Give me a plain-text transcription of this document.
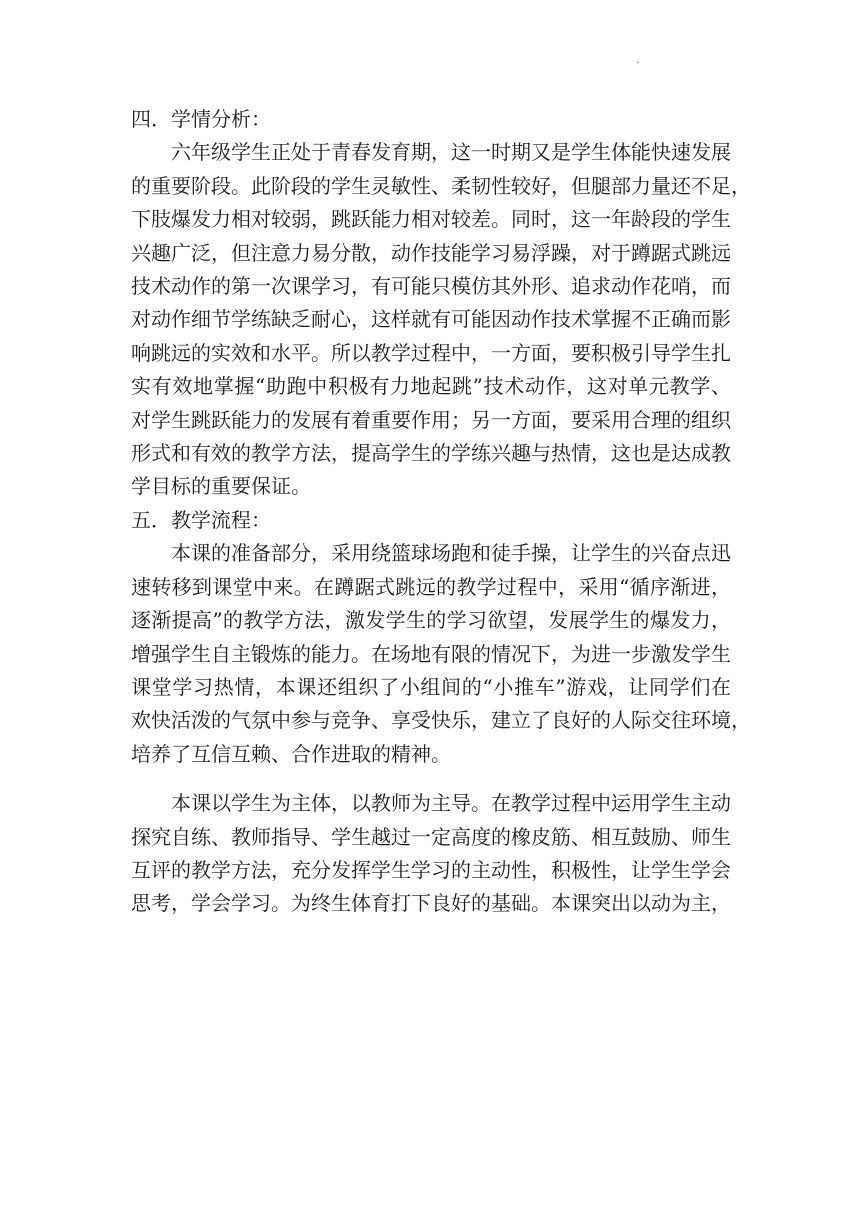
.

四．学情分析：

六年级学生正处于青春发育期，这一时期又是学生体能快速发展
的重要阶段。此阶段的学生灵敏性、柔韧性较好，但腿部力量还不足，
下肢爆发力相对较弱，跳跃能力相对较差。同时，这一年龄段的学生
兴趣广泛，但注意力易分散，动作技能学习易浮躁，对于蹲踞式跳远
技术动作的第一次课学习，有可能只模仿其外形、追求动作花哨，而
对动作细节学练缺乏耐心，这样就有可能因动作技术掌握不正确而影
响跳远的实效和水平。所以教学过程中，一方面，要积极引导学生扎
实有效地掌握“助跑中积极有力地起跳”技术动作，这对单元教学、
对学生跳跃能力的发展有着重要作用；另一方面，要采用合理的组织
形式和有效的教学方法，提高学生的学练兴趣与热情，这也是达成教
学目标的重要保证。

五．教学流程：

本课的准备部分，采用绕篮球场跑和徒手操，让学生的兴奋点迅
速转移到课堂中来。在蹲踞式跳远的教学过程中，采用“循序渐进，
逐渐提高”的教学方法，激发学生的学习欲望，发展学生的爆发力，
增强学生自主锻炼的能力。在场地有限的情况下，为进一步激发学生
课堂学习热情，本课还组织了小组间的“小推车”游戏，让同学们在
欢快活泼的气氛中参与竞争、享受快乐，建立了良好的人际交往环境，
培养了互信互赖、合作进取的精神。

本课以学生为主体，以教师为主导。在教学过程中运用学生主动
探究自练、教师指导、学生越过一定高度的橡皮筋、相互鼓励、师生
互评的教学方法，充分发挥学生学习的主动性，积极性，让学生学会
思考，学会学习。为终生体育打下良好的基础。本课突出以动为主，
